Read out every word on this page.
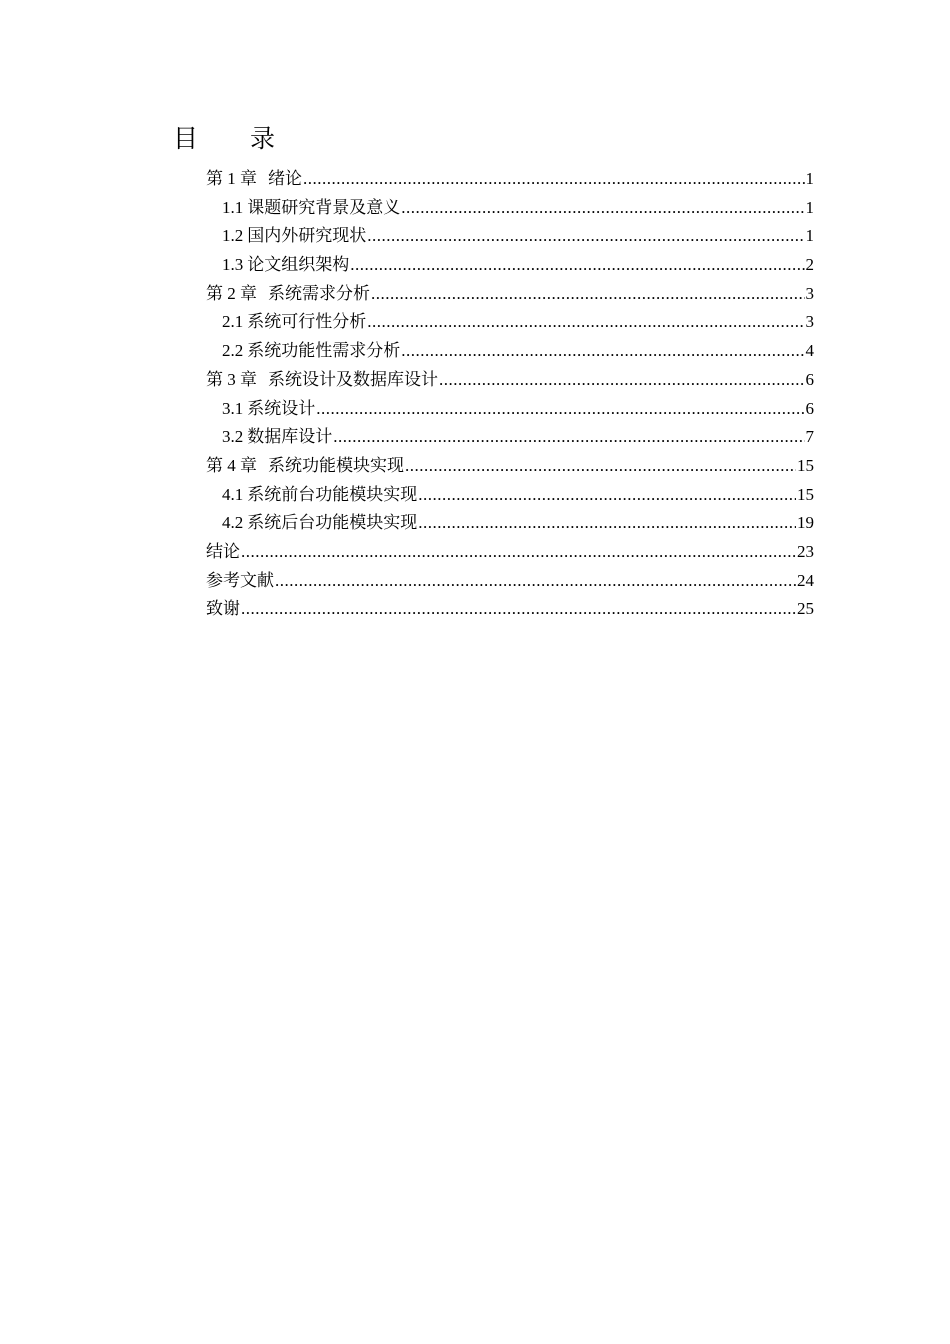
目 录
第 1 章 绪论 .....	1
1.1 课题研究背景及意义 .....	1
1.2 国内外研究现状 .....	1
1.3 论文组织架构 .....	2
第 2 章 系统需求分析 .....	3
2.1 系统可行性分析 .....	3
2.2 系统功能性需求分析 .....	4
第 3 章 系统设计及数据库设计 .....	6
3.1 系统设计 .....	6
3.2 数据库设计 .....	7
第 4 章 系统功能模块实现 .....	15
4.1 系统前台功能模块实现 .....	15
4.2 系统后台功能模块实现 .....	19
结论 .....	23
参考文献 .....	24
致谢 .....	25
